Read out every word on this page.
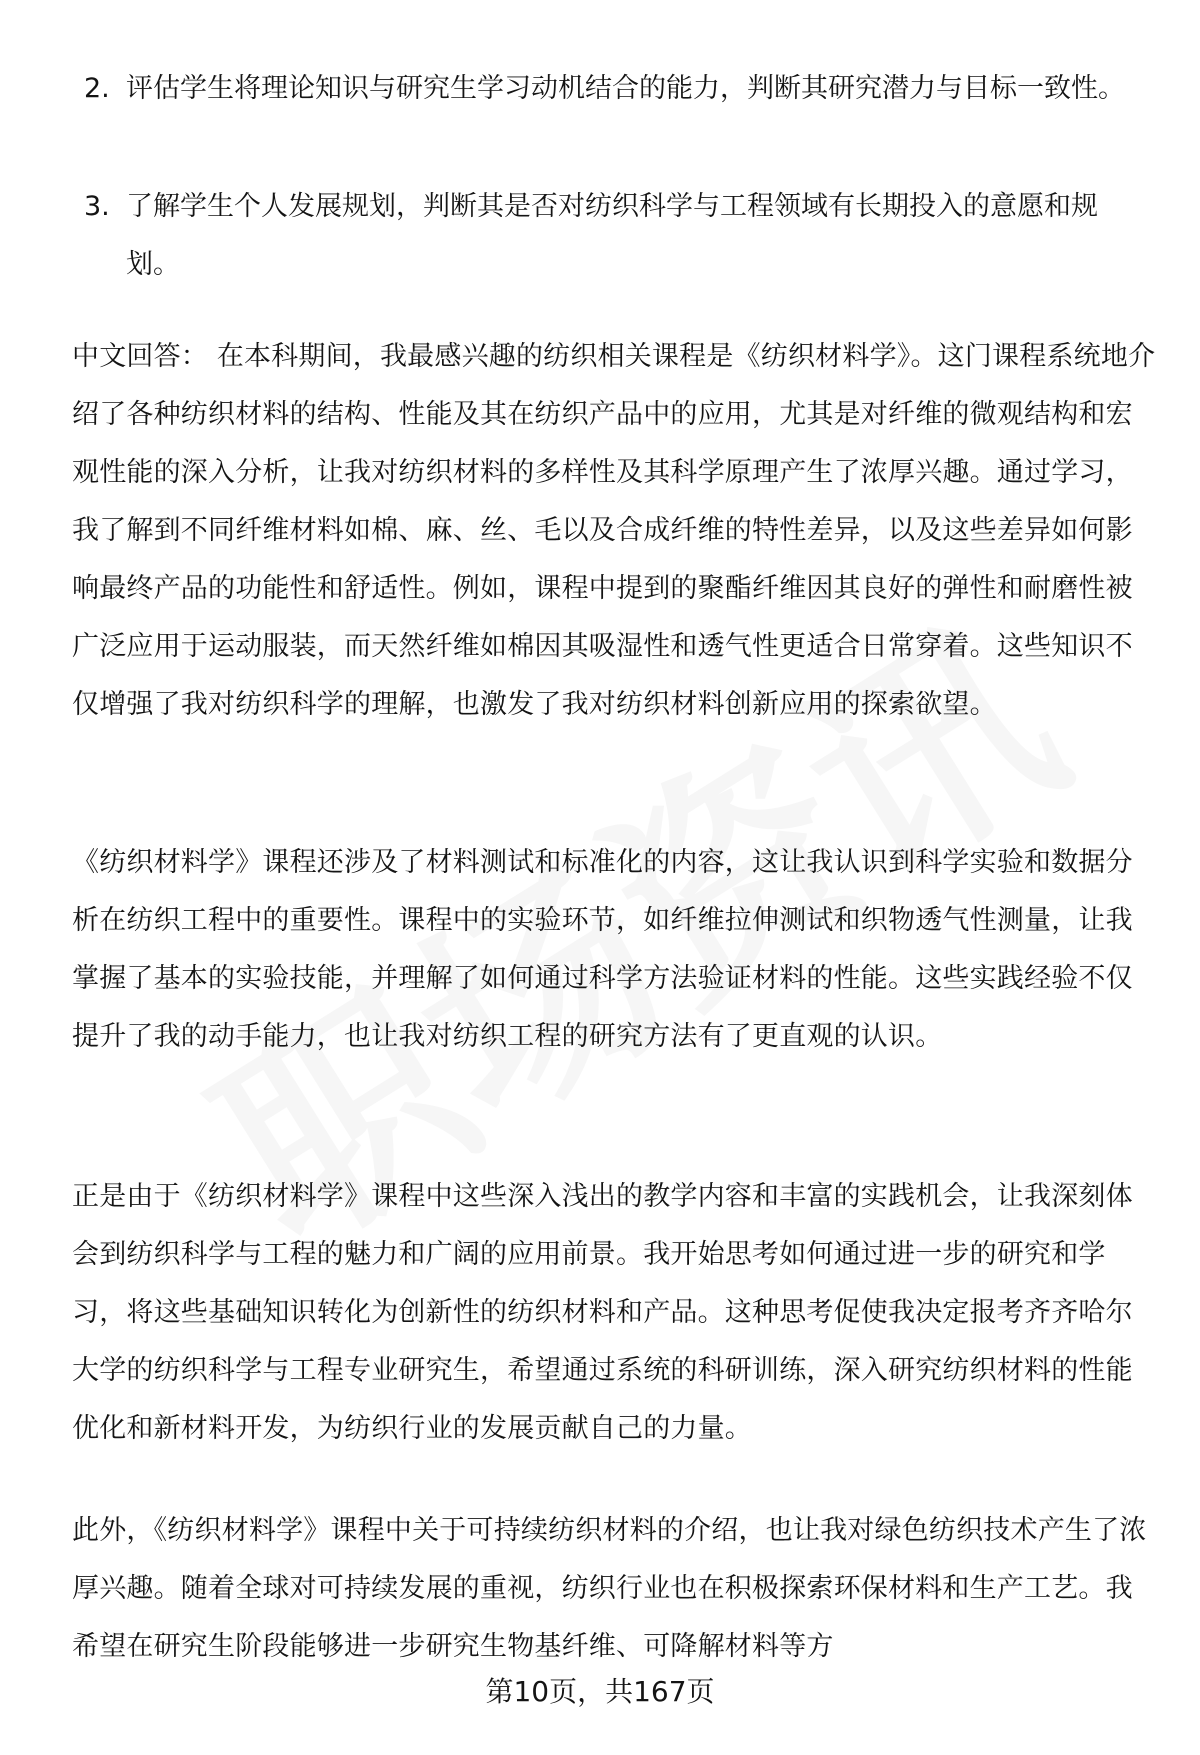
2. 评估学生将理论知识与研究生学习动机结合的能力，判断其研究潜力与目标一致性。
3. 了解学生个人发展规划，判断其是否对纺织科学与工程领域有长期投入的意愿和规划。

中文回答： 在本科期间，我最感兴趣的纺织相关课程是《纺织材料学》。这门课程系统地介绍了各种纺织材料的结构、性能及其在纺织产品中的应用，尤其是对纤维的微观结构和宏观性能的深入分析，让我对纺织材料的多样性及其科学原理产生了浓厚兴趣。通过学习，我了解到不同纤维材料如棉、麻、丝、毛以及合成纤维的特性差异，以及这些差异如何影响最终产品的功能性和舒适性。例如，课程中提到的聚酯纤维因其良好的弹性和耐磨性被广泛应用于运动服装，而天然纤维如棉因其吸湿性和透气性更适合日常穿着。这些知识不仅增强了我对纺织科学的理解，也激发了我对纺织材料创新应用的探索欲望。

《纺织材料学》课程还涉及了材料测试和标准化的内容，这让我认识到科学实验和数据分析在纺织工程中的重要性。课程中的实验环节，如纤维拉伸测试和织物透气性测量，让我掌握了基本的实验技能，并理解了如何通过科学方法验证材料的性能。这些实践经验不仅提升了我的动手能力，也让我对纺织工程的研究方法有了更直观的认识。

正是由于《纺织材料学》课程中这些深入浅出的教学内容和丰富的实践机会，让我深刻体会到纺织科学与工程的魅力和广阔的应用前景。我开始思考如何通过进一步的研究和学习，将这些基础知识转化为创新性的纺织材料和产品。这种思考促使我决定报考齐齐哈尔大学的纺织科学与工程专业研究生，希望通过系统的科研训练，深入研究纺织材料的性能优化和新材料开发，为纺织行业的发展贡献自己的力量。

此外，《纺织材料学》课程中关于可持续纺织材料的介绍，也让我对绿色纺织技术产生了浓厚兴趣。随着全球对可持续发展的重视，纺织行业也在积极探索环保材料和生产工艺。我希望在研究生阶段能够进一步研究生物基纤维、可降解材料等方

第10页，共167页
